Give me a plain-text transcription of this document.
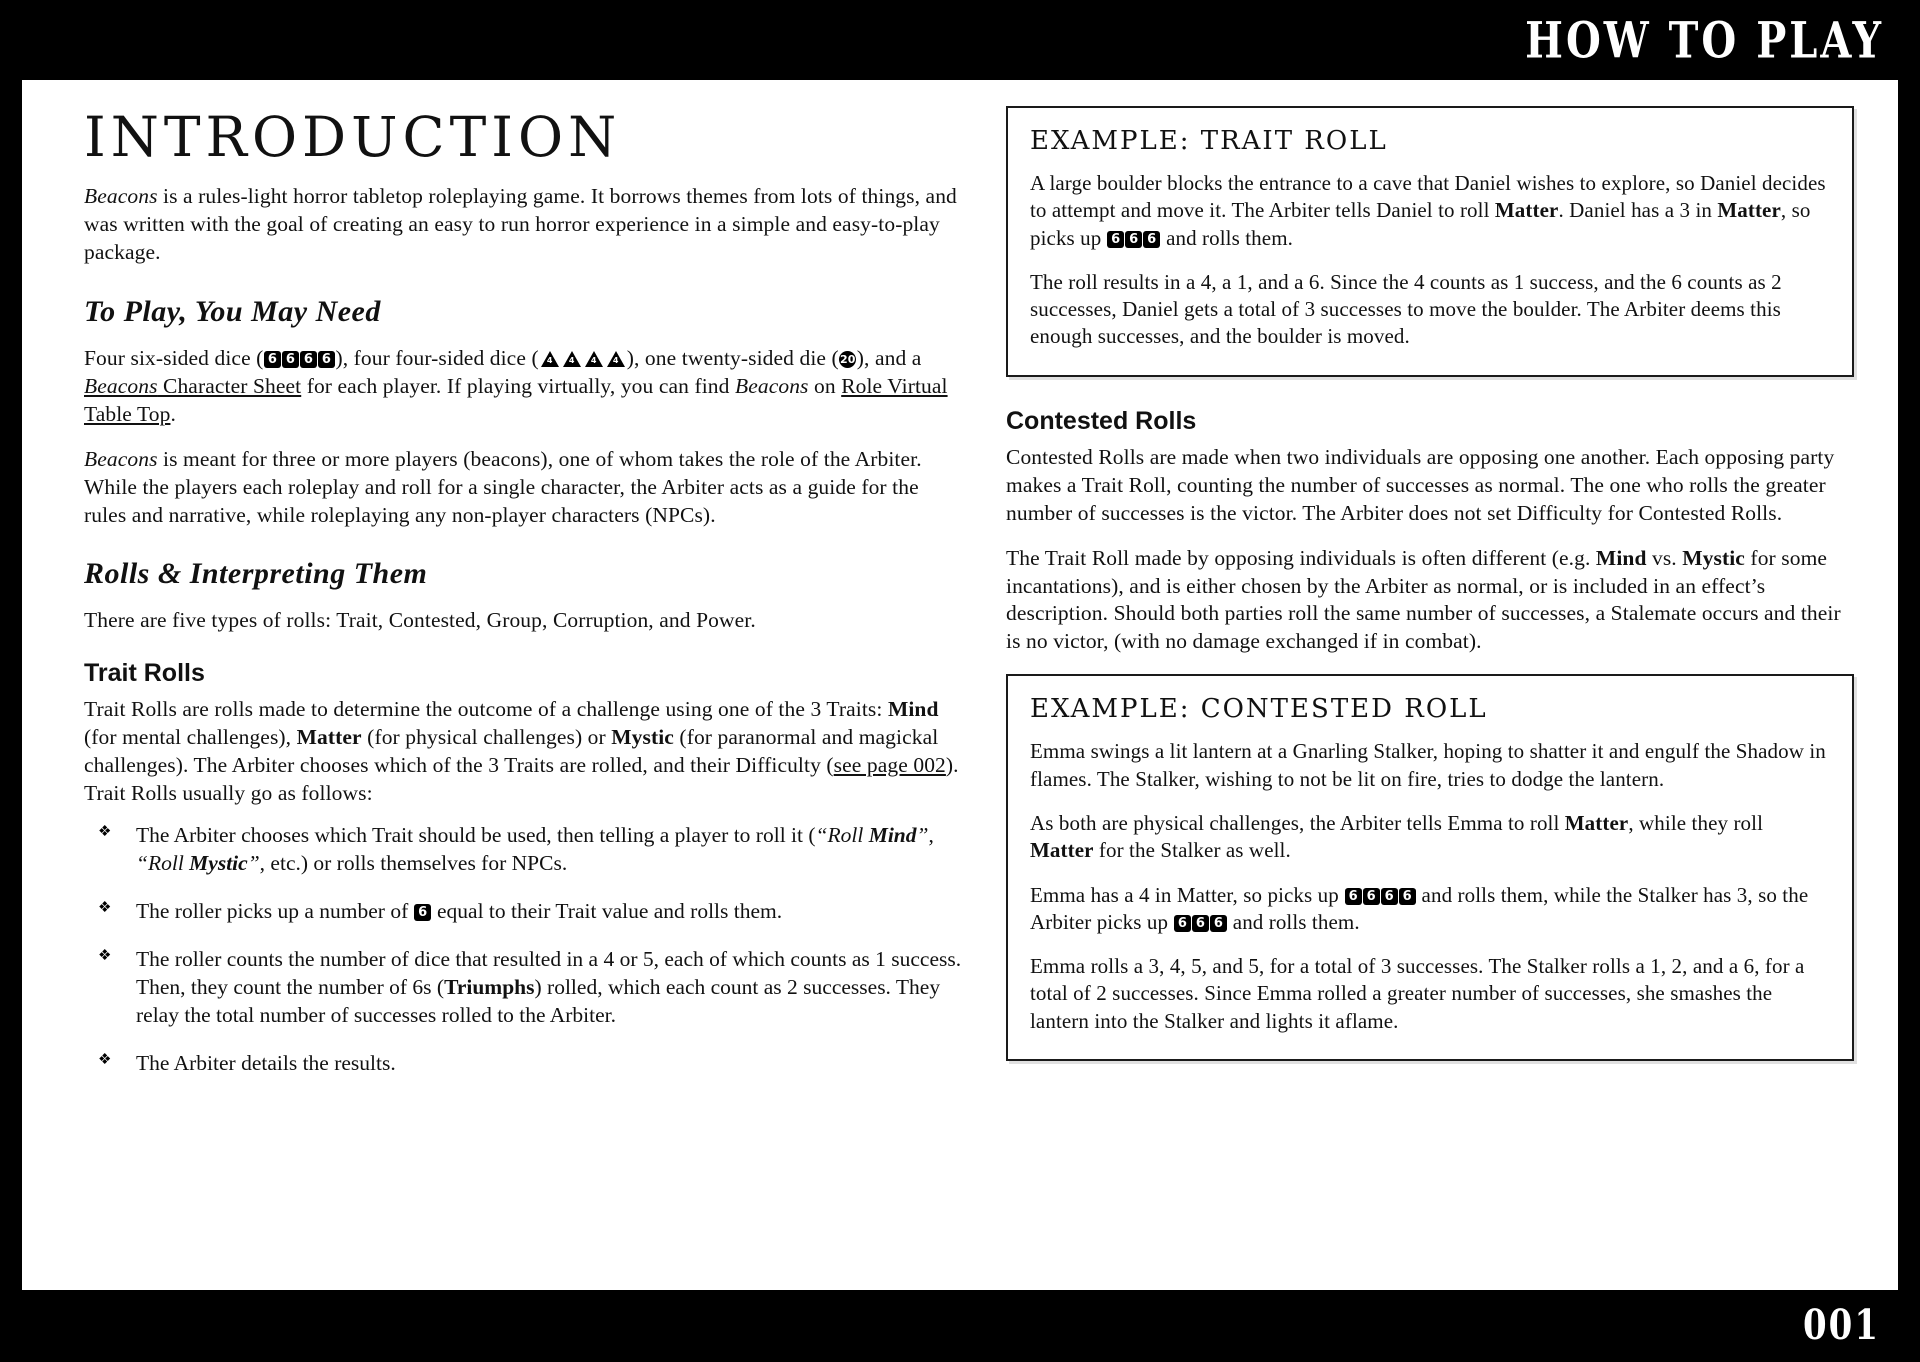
HOW TO PLAY
INTRODUCTION

Beacons is a rules-light horror tabletop roleplaying game. It borrows themes from lots of things, and was written with the goal of creating an easy to run horror experience in a simple and easy-to-play package.

To Play, You May Need

Four six-sided dice ( 6 6 6 6 ), four four-sided dice ( 4 4 4 4	), one twenty-sided die (20), and a Beacons Character Sheet for each player. If playing virtually, you can find Beacons on Role Virtual Table Top.

Beacons is meant for three or more players (beacons), one of whom takes the role of the Arbiter. While the players each roleplay and roll for a single character, the Arbiter acts as a guide for the rules and narrative, while roleplaying any non-player characters (NPCs).

Rolls & Interpreting Them

There are five types of rolls: Trait, Contested, Group, Corruption, and Power.

Trait Rolls

Trait Rolls are rolls made to determine the outcome of a challenge using one of the 3 Traits: Mind (for mental challenges), Matter (for physical challenges) or Mystic (for paranormal and magickal challenges). The Arbiter chooses which of the 3 Traits are rolled, and their Difficulty (see page 002). Trait Rolls usually go as follows:

❖ The Arbiter chooses which Trait should be used, then telling a player to roll it (“Roll Mind”, “Roll Mystic”, etc.) or rolls themselves for NPCs.
❖ The roller picks up a number of 6 equal to their Trait value and rolls them.
❖ The roller counts the number of dice that resulted in a 4 or 5, each of which counts as 1 success. Then, they count the number of 6s (Triumphs) rolled, which each count as 2 successes. They relay the total number of successes rolled to the Arbiter.
❖ The Arbiter details the results.
EXAMPLE: TRAIT ROLL

A large boulder blocks the entrance to a cave that Daniel wishes to explore, so Daniel decides to attempt and move it. The Arbiter tells Daniel to roll Matter. Daniel has a 3 in Matter, so picks up 6 6 6 and rolls them.

The roll results in a 4, a 1, and a 6. Since the 4 counts as 1 success, and the 6 counts as 2 successes, Daniel gets a total of 3 successes to move the boulder. The Arbiter deems this enough successes, and the boulder is moved.

Contested Rolls

Contested Rolls are made when two individuals are opposing one another. Each opposing party makes a Trait Roll, counting the number of successes as normal. The one who rolls the greater number of successes is the victor. The Arbiter does not set Difficulty for Contested Rolls.

The Trait Roll made by opposing individuals is often different (e.g. Mind vs. Mystic for some incantations), and is either chosen by the Arbiter as normal, or is included in an effect’s description. Should both parties roll the same number of successes, a Stalemate occurs and their is no victor, (with no damage exchanged if in combat).

EXAMPLE: CONTESTED ROLL

Emma swings a lit lantern at a Gnarling Stalker, hoping to shatter it and engulf the Shadow in flames. The Stalker, wishing to not be lit on fire, tries to dodge the lantern.

As both are physical challenges, the Arbiter tells Emma to roll Matter, while they roll Matter for the Stalker as well.

Emma has a 4 in Matter, so picks up 6 6 6 6 and rolls them, while the Stalker has 3, so the Arbiter picks up 6 6 6 and rolls them.

Emma rolls a 3, 4, 5, and 5, for a total of 3 successes. The Stalker rolls a 1, 2, and a 6, for a total of 2 successes. Since Emma rolled a greater number of successes, she smashes the lantern into the Stalker and lights it aflame.

001
